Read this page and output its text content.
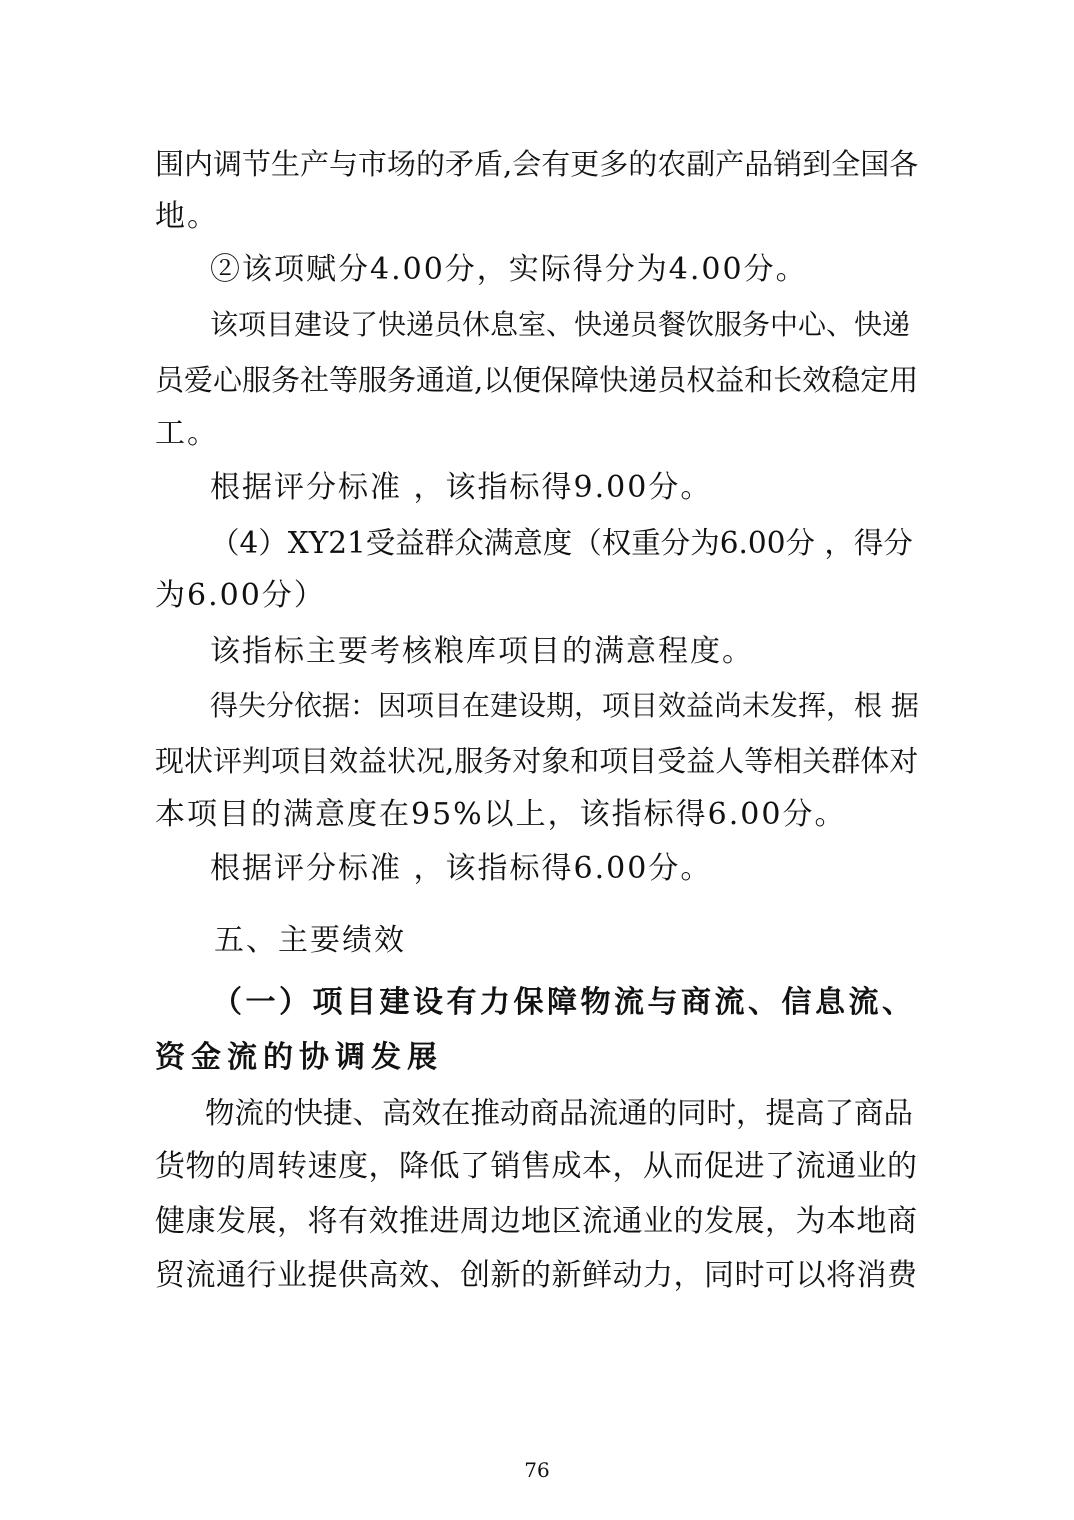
围内调节生产与市场的矛盾,会有更多的农副产品销到全国各
地。
②该项赋分4.00分，实际得分为4.00分。
该项目建设了快递员休息室、快递员餐饮服务中心、快递
员爱心服务社等服务通道,以便保障快递员权益和长效稳定用
工。
根据评分标准 ，该指标得9.00分。
（4）XY21受益群众满意度（权重分为6.00分 ，得分
为6.00分）
该指标主要考核粮库项目的满意程度。
得失分依据：因项目在建设期，项目效益尚未发挥，根 据
现状评判项目效益状况,服务对象和项目受益人等相关群体对
本项目的满意度在95%以上，该指标得6.00分。
根据评分标准 ，该指标得6.00分。
五、主要绩效
（一）项目建设有力保障物流与商流、信息流、
资金流的协调发展
物流的快捷、高效在推动商品流通的同时，提高了商品
货物的周转速度，降低了销售成本，从而促进了流通业的
健康发展，将有效推进周边地区流通业的发展，为本地商
贸流通行业提供高效、创新的新鲜动力，同时可以将消费
76
